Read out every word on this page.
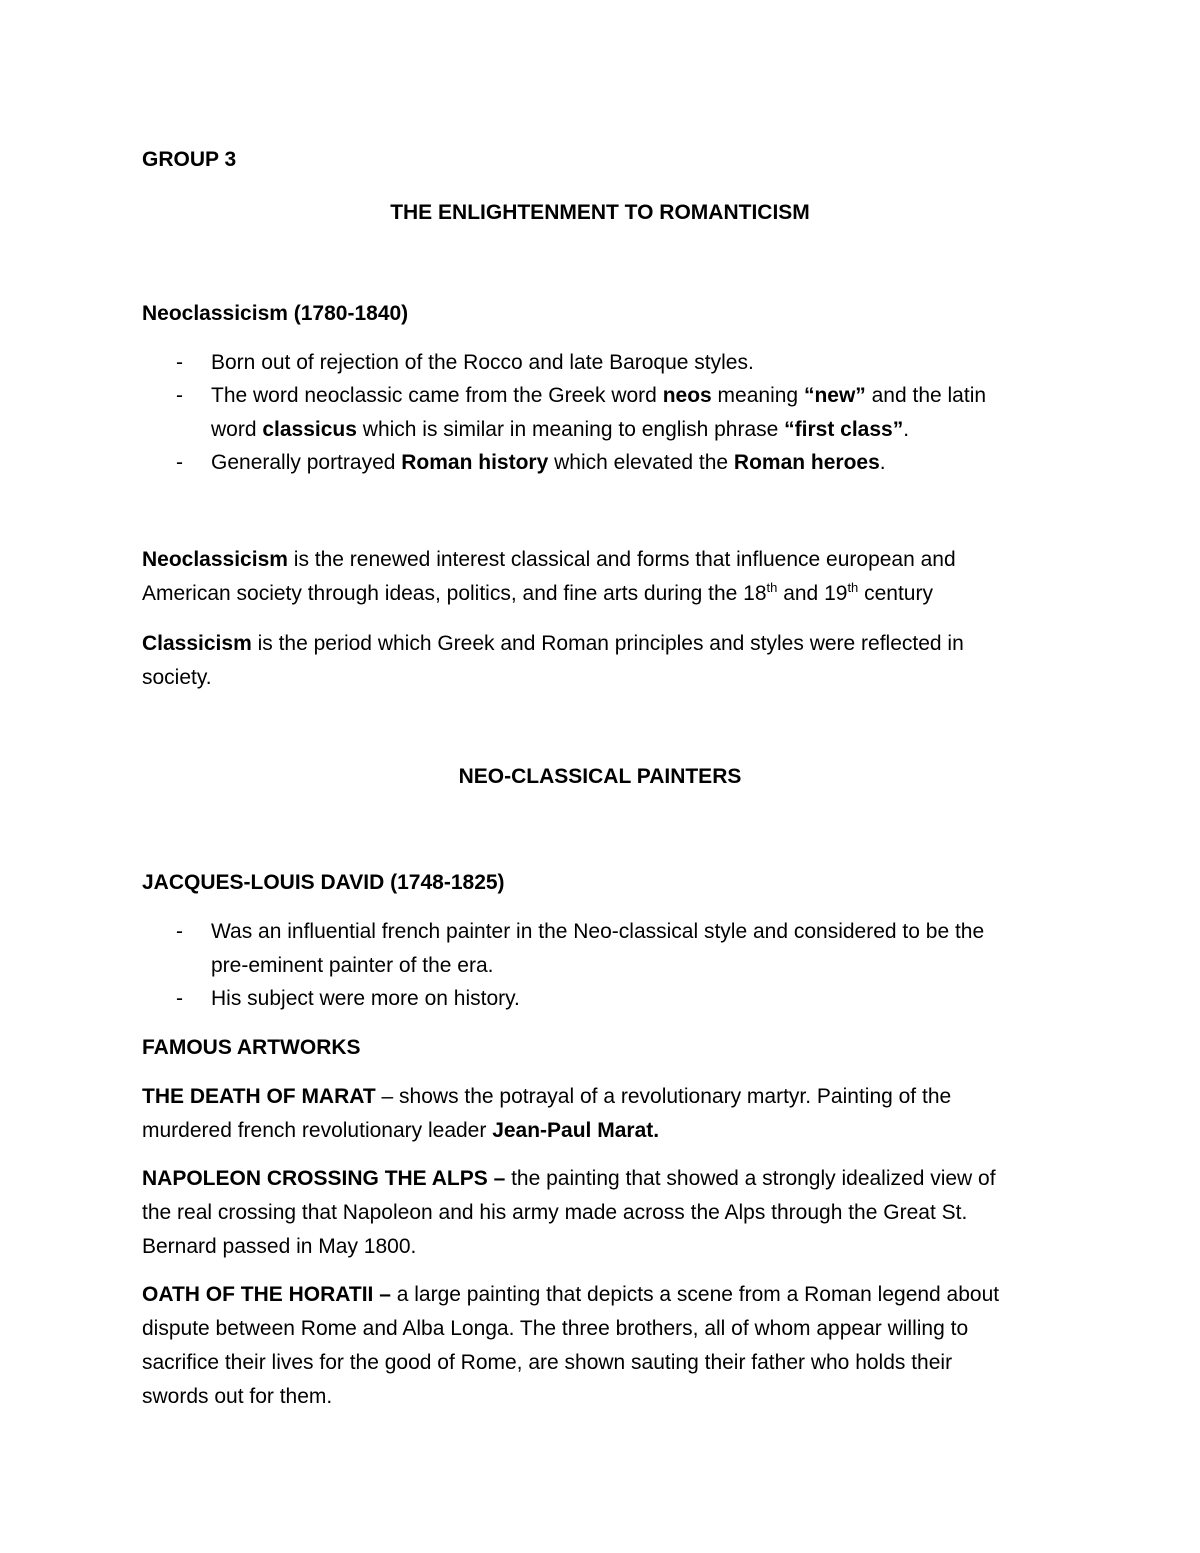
GROUP 3
THE ENLIGHTENMENT TO ROMANTICISM
Neoclassicism (1780-1840)
- Born out of rejection of the Rocco and late Baroque styles.
- The word neoclassic came from the Greek word neos meaning “new” and the latin
word classicus which is similar in meaning to english phrase “first class”.
- Generally portrayed Roman history which elevated the Roman heroes.
Neoclassicism is the renewed interest classical and forms that influence european and
American society through ideas, politics, and fine arts during the 18th and 19th century
Classicism is the period which Greek and Roman principles and styles were reflected in
society.
NEO-CLASSICAL PAINTERS
JACQUES-LOUIS DAVID (1748-1825)
- Was an influential french painter in the Neo-classical style and considered to be the
pre-eminent painter of the era.
- His subject were more on history.
FAMOUS ARTWORKS
THE DEATH OF MARAT – shows the potrayal of a revolutionary martyr. Painting of the
murdered french revolutionary leader Jean-Paul Marat.
NAPOLEON CROSSING THE ALPS – the painting that showed a strongly idealized view of
the real crossing that Napoleon and his army made across the Alps through the Great St.
Bernard passed in May 1800.
OATH OF THE HORATII – a large painting that depicts a scene from a Roman legend about
dispute between Rome and Alba Longa. The three brothers, all of whom appear willing to
sacrifice their lives for the good of Rome, are shown sauting their father who holds their
swords out for them.
